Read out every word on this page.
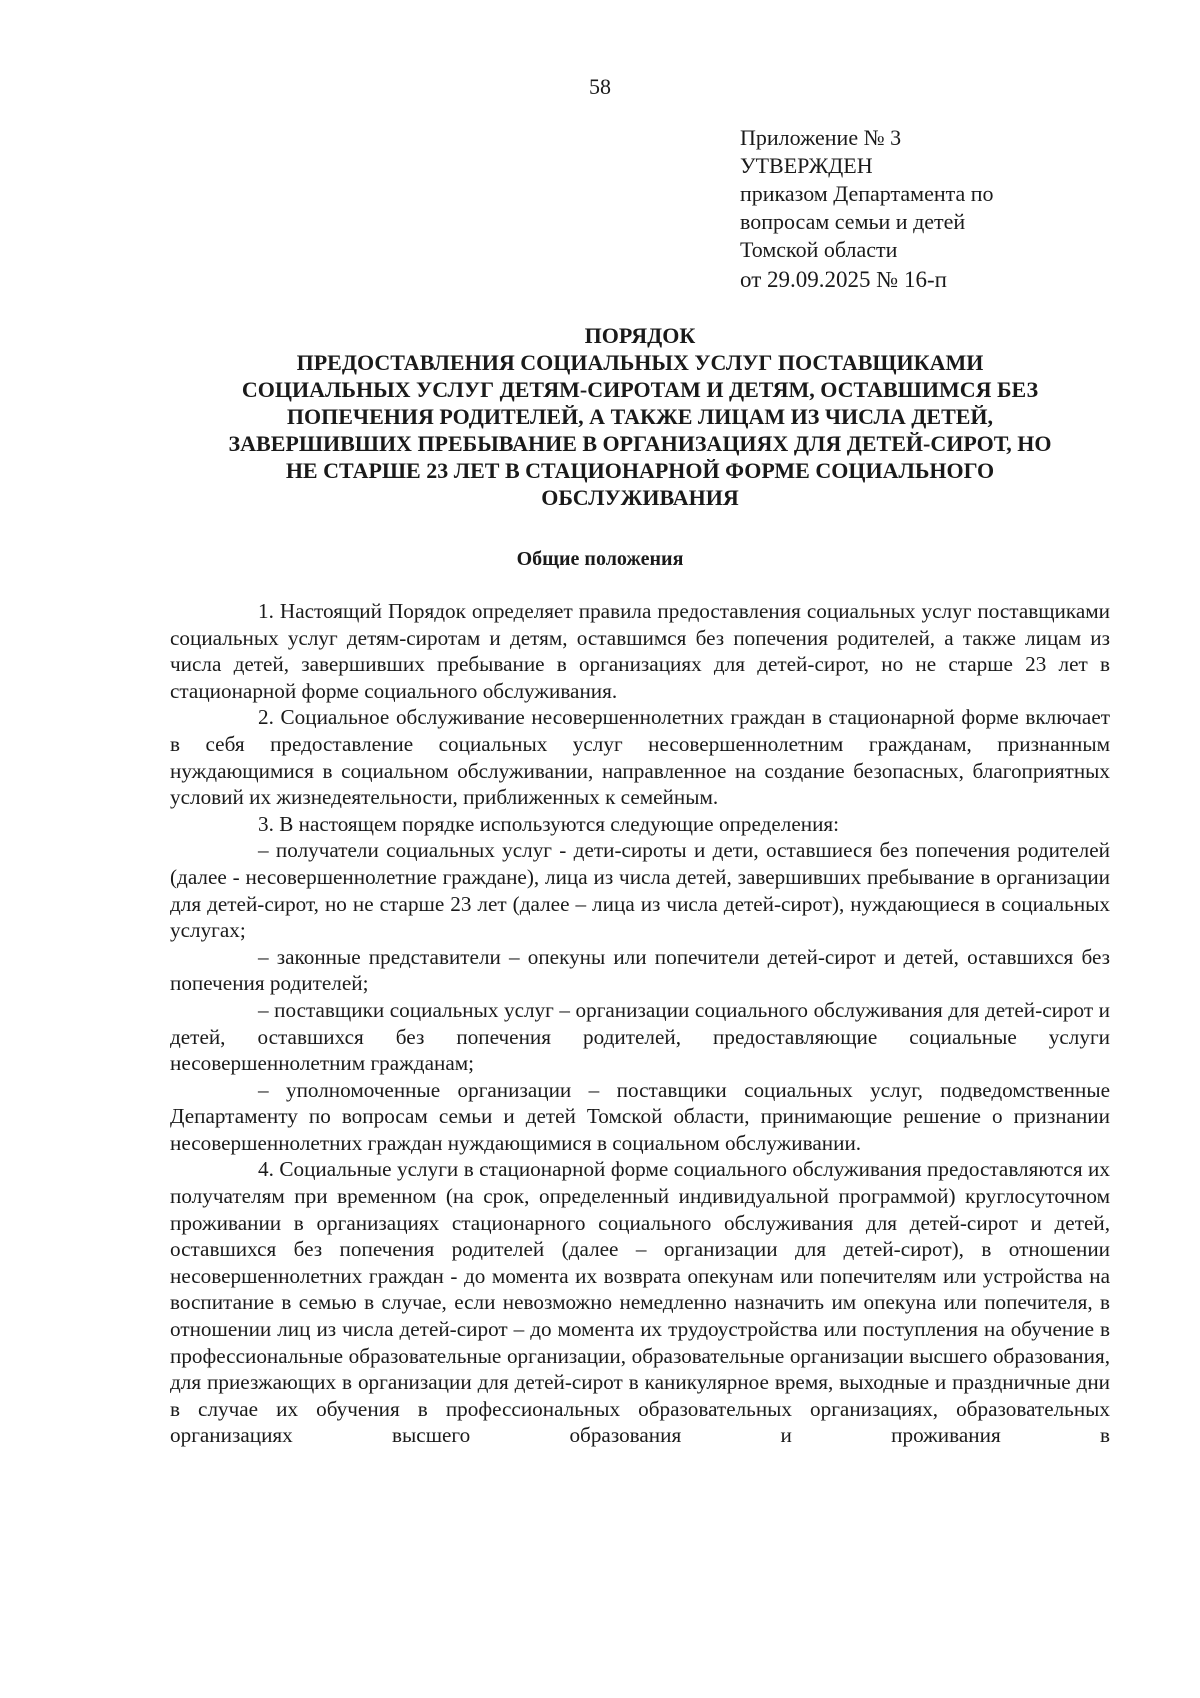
58
Приложение № 3
УТВЕРЖДЕН
приказом Департамента по
вопросам семьи и детей
Томской области
от 29.09.2025 № 16-п
ПОРЯДОК
ПРЕДОСТАВЛЕНИЯ СОЦИАЛЬНЫХ УСЛУГ ПОСТАВЩИКАМИ
СОЦИАЛЬНЫХ УСЛУГ ДЕТЯМ-СИРОТАМ И ДЕТЯМ, ОСТАВШИМСЯ БЕЗ
ПОПЕЧЕНИЯ РОДИТЕЛЕЙ, А ТАКЖЕ ЛИЦАМ ИЗ ЧИСЛА ДЕТЕЙ,
ЗАВЕРШИВШИХ ПРЕБЫВАНИЕ В ОРГАНИЗАЦИЯХ ДЛЯ ДЕТЕЙ-СИРОТ, НО
НЕ СТАРШЕ 23 ЛЕТ В СТАЦИОНАРНОЙ ФОРМЕ СОЦИАЛЬНОГО
ОБСЛУЖИВАНИЯ
Общие положения

1. Настоящий Порядок определяет правила предоставления социальных услуг поставщиками социальных услуг детям-сиротам и детям, оставшимся без попечения родителей, а также лицам из числа детей, завершивших пребывание в организациях для детей-сирот, но не старше 23 лет в стационарной форме социального обслуживания.

2. Социальное обслуживание несовершеннолетних граждан в стационарной форме включает в себя предоставление социальных услуг несовершеннолетним гражданам, признанным нуждающимися в социальном обслуживании, направленное на создание безопасных, благоприятных условий их жизнедеятельности, приближенных к семейным.

3. В настоящем порядке используются следующие определения:

– получатели социальных услуг - дети-сироты и дети, оставшиеся без попечения родителей (далее - несовершеннолетние граждане), лица из числа детей, завершивших пребывание в организации для детей-сирот, но не старше 23 лет (далее – лица из числа детей-сирот), нуждающиеся в социальных услугах;

– законные представители – опекуны или попечители детей-сирот и детей, оставшихся без попечения родителей;

– поставщики социальных услуг – организации социального обслуживания для детей-сирот и детей, оставшихся без попечения родителей, предоставляющие социальные услуги несовершеннолетним гражданам;

– уполномоченные организации – поставщики социальных услуг, подведомственные Департаменту по вопросам семьи и детей Томской области, принимающие решение о признании несовершеннолетних граждан нуждающимися в социальном обслуживании.

4. Социальные услуги в стационарной форме социального обслуживания предоставляются их получателям при временном (на срок, определенный индивидуальной программой) круглосуточном проживании в организациях стационарного социального обслуживания для детей-сирот и детей, оставшихся без попечения родителей (далее – организации для детей-сирот), в отношении несовершеннолетних граждан - до момента их возврата опекунам или попечителям или устройства на воспитание в семью в случае, если невозможно немедленно назначить им опекуна или попечителя, в отношении лиц из числа детей-сирот – до момента их трудоустройства или поступления на обучение в профессиональные образовательные организации, образовательные организации высшего образования, для приезжающих в организации для детей-сирот в каникулярное время, выходные и праздничные дни в случае их обучения в профессиональных образовательных организациях, образовательных организациях высшего образования и проживания в
